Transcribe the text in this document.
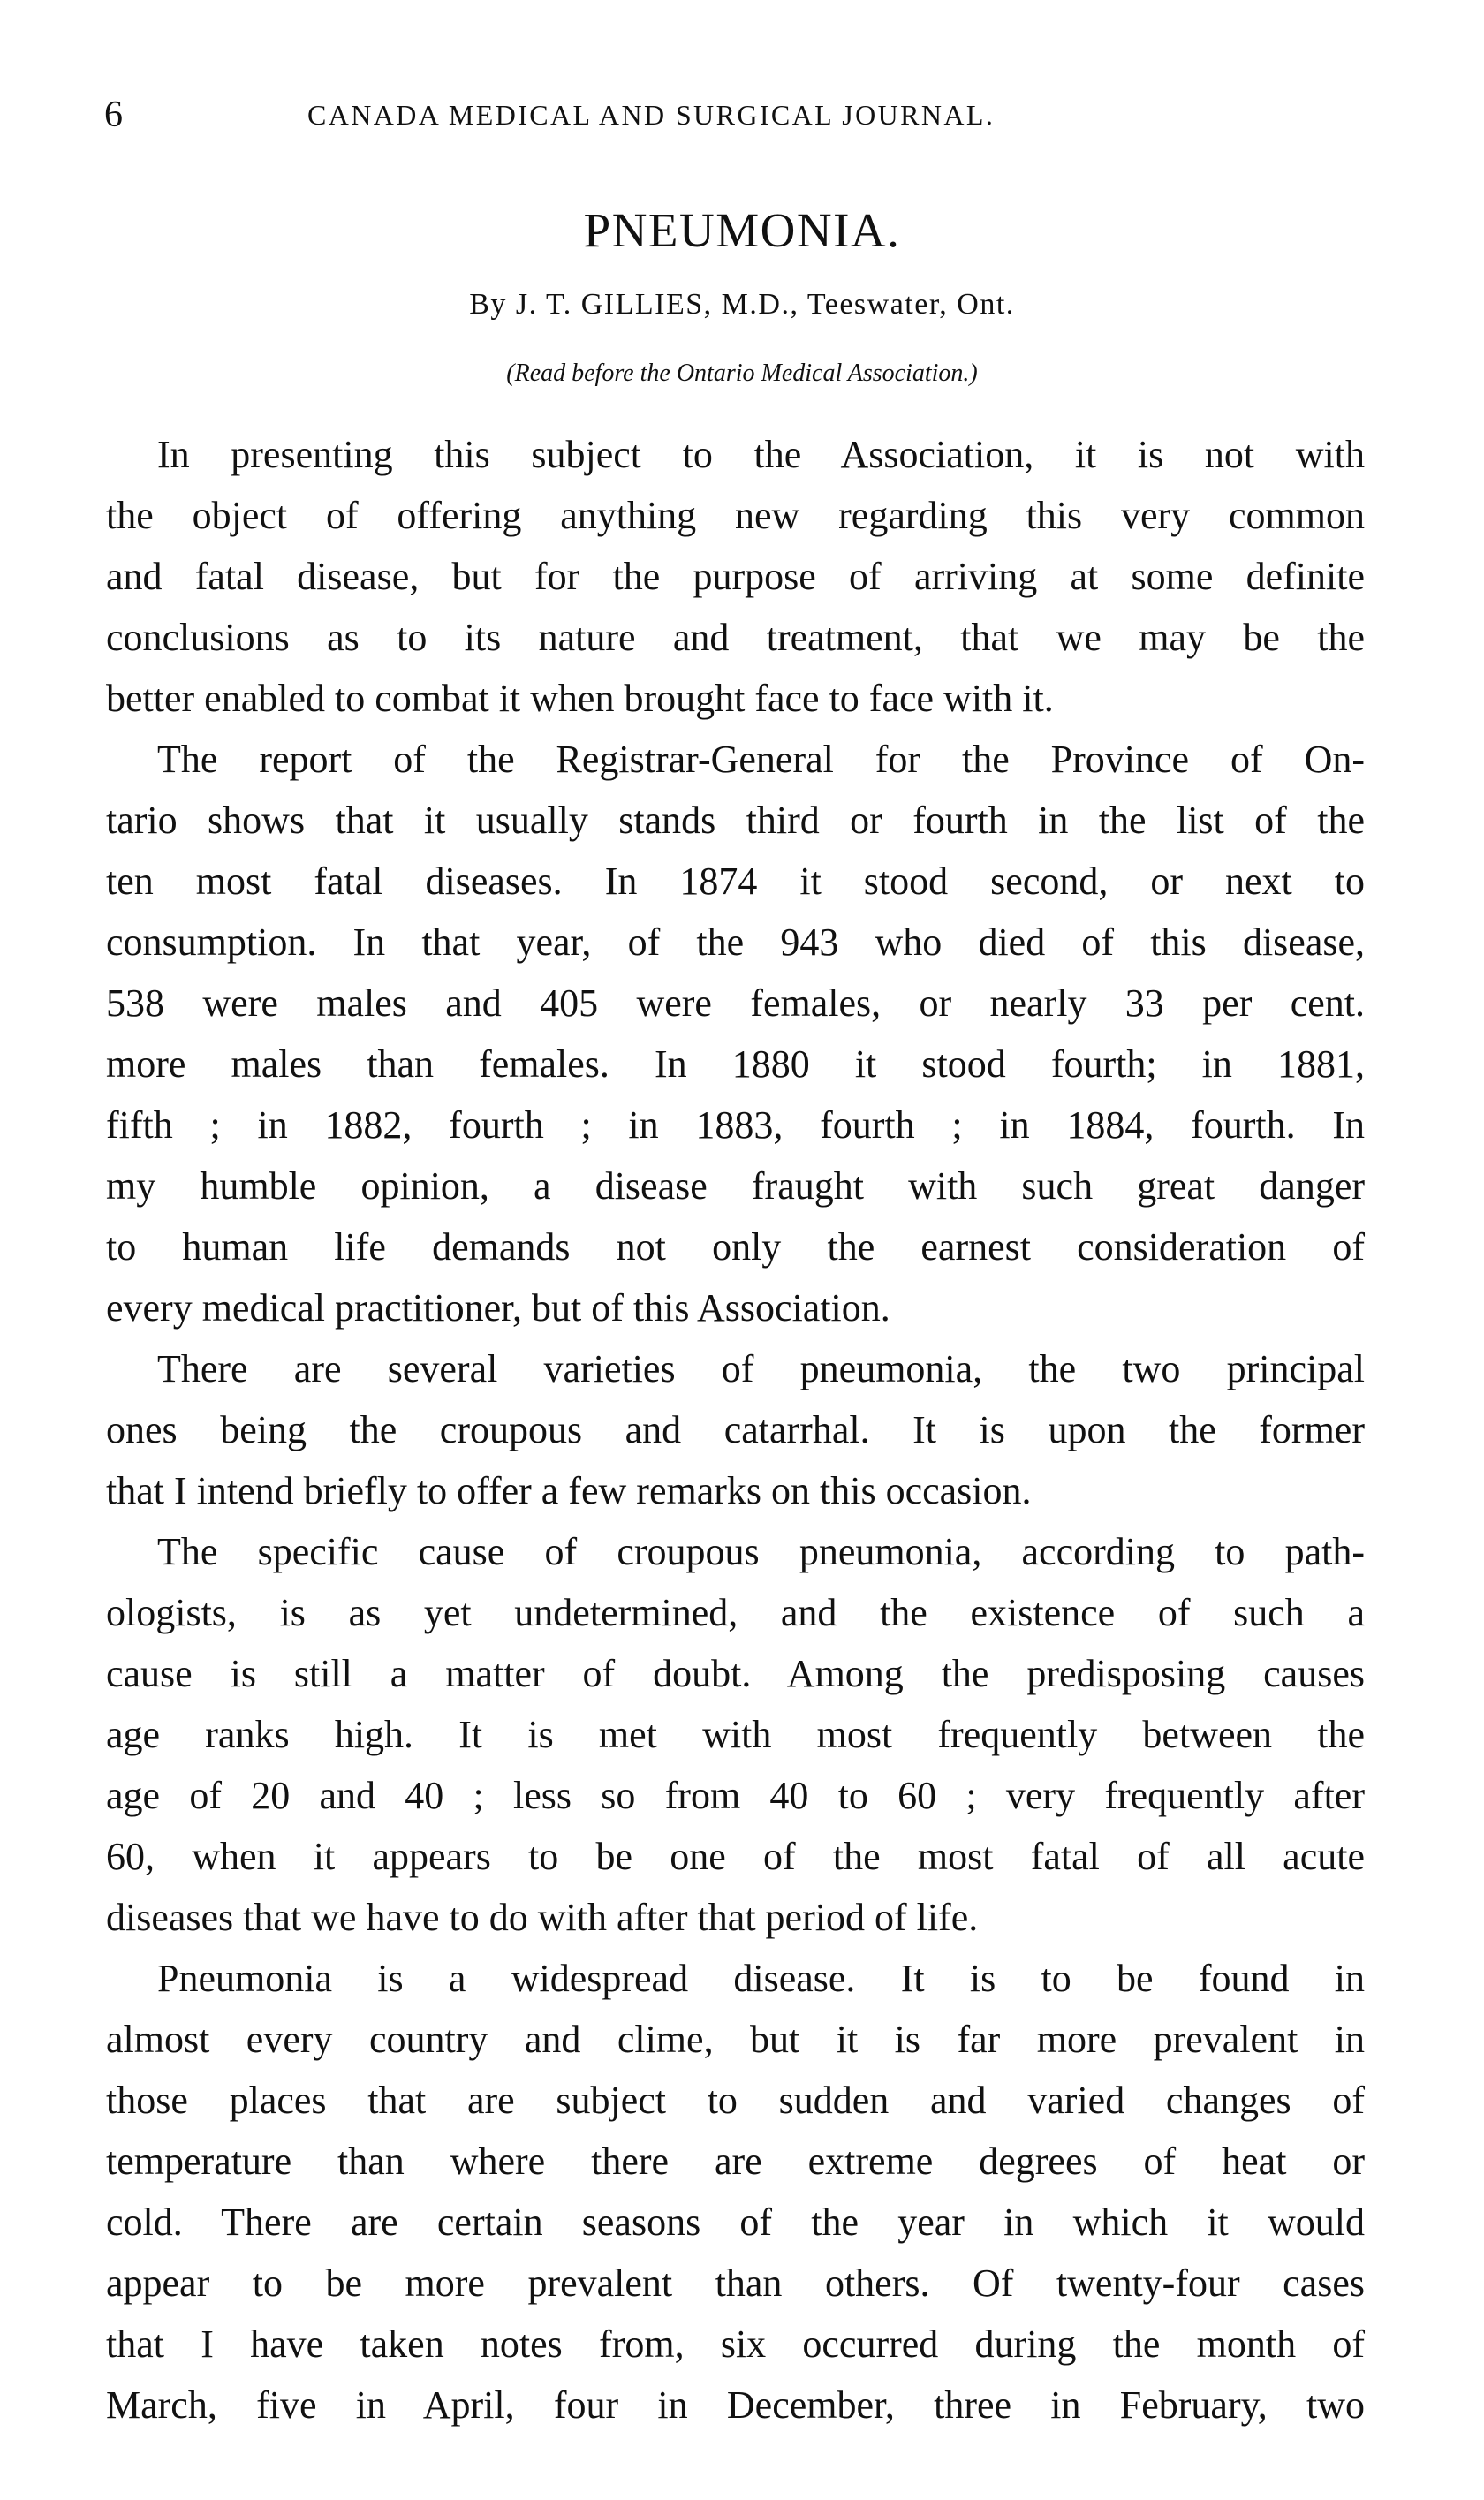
6	CANADA MEDICAL AND SURGICAL JOURNAL.
PNEUMONIA.
By J. T. GILLIES, M.D., Teeswater, Ont.
(Read before the Ontario Medical Association.)
In presenting this subject to the Association, it is not with
the object of offering anything new regarding this very common
and fatal disease, but for the purpose of arriving at some definite
conclusions as to its nature and treatment, that we may be the
better enabled to combat it when brought face to face with it.
The report of the Registrar-General for the Province of On-
tario shows that it usually stands third or fourth in the list of the
ten most fatal diseases. In 1874 it stood second, or next to
consumption. In that year, of the 943 who died of this disease,
538 were males and 405 were females, or nearly 33 per cent.
more males than females. In 1880 it stood fourth; in 1881,
fifth ; in 1882, fourth ; in 1883, fourth ; in 1884, fourth. In
my humble opinion, a disease fraught with such great danger
to human life demands not only the earnest consideration of
every medical practitioner, but of this Association.
There are several varieties of pneumonia, the two principal
ones being the croupous and catarrhal. It is upon the former
that I intend briefly to offer a few remarks on this occasion.
The specific cause of croupous pneumonia, according to path-
ologists, is as yet undetermined, and the existence of such a
cause is still a matter of doubt. Among the predisposing causes
age ranks high. It is met with most frequently between the
age of 20 and 40 ; less so from 40 to 60 ; very frequently after
60, when it appears to be one of the most fatal of all acute
diseases that we have to do with after that period of life.
Pneumonia is a widespread disease. It is to be found in
almost every country and clime, but it is far more prevalent in
those places that are subject to sudden and varied changes of
temperature than where there are extreme degrees of heat or
cold. There are certain seasons of the year in which it would
appear to be more prevalent than others. Of twenty-four cases
that I have taken notes from, six occurred during the month of
March, five in April, four in December, three in February, two
